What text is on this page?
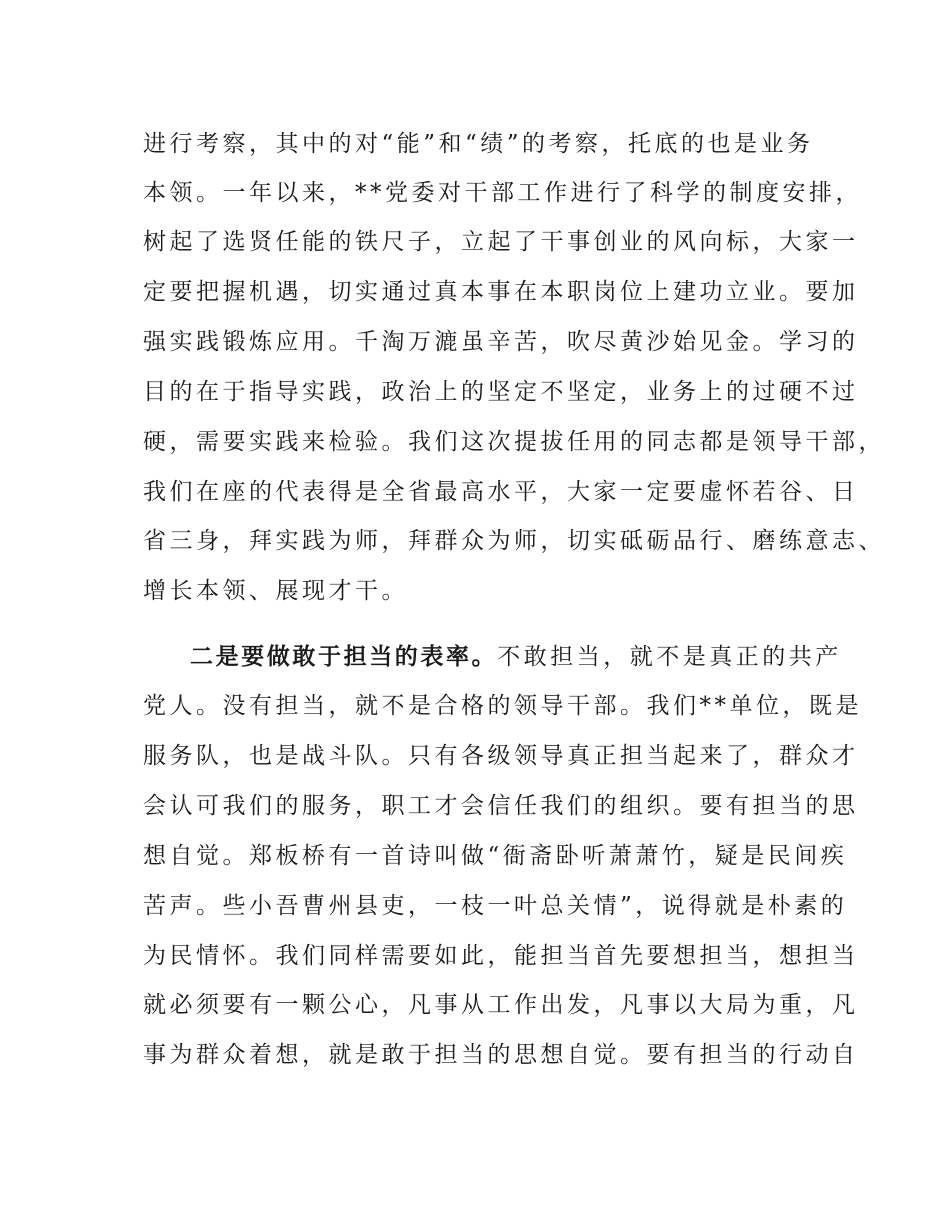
进行考察，其中的对“能”和“绩”的考察，托底的也是业务
本领。一年以来，**党委对干部工作进行了科学的制度安排，
树起了选贤任能的铁尺子，立起了干事创业的风向标，大家一
定要把握机遇，切实通过真本事在本职岗位上建功立业。要加
强实践锻炼应用。千淘万漉虽辛苦，吹尽黄沙始见金。学习的
目的在于指导实践，政治上的坚定不坚定，业务上的过硬不过
硬，需要实践来检验。我们这次提拔任用的同志都是领导干部，
我们在座的代表得是全省最高水平，大家一定要虚怀若谷、日
省三身，拜实践为师，拜群众为师，切实砥砺品行、磨练意志、
增长本领、展现才干。
二是要做敢于担当的表率。不敢担当，就不是真正的共产
党人。没有担当，就不是合格的领导干部。我们**单位，既是
服务队，也是战斗队。只有各级领导真正担当起来了，群众才
会认可我们的服务，职工才会信任我们的组织。要有担当的思
想自觉。郑板桥有一首诗叫做“衙斋卧听萧萧竹，疑是民间疾
苦声。些小吾曹州县吏，一枝一叶总关情”，说得就是朴素的
为民情怀。我们同样需要如此，能担当首先要想担当，想担当
就必须要有一颗公心，凡事从工作出发，凡事以大局为重，凡
事为群众着想，就是敢于担当的思想自觉。要有担当的行动自
